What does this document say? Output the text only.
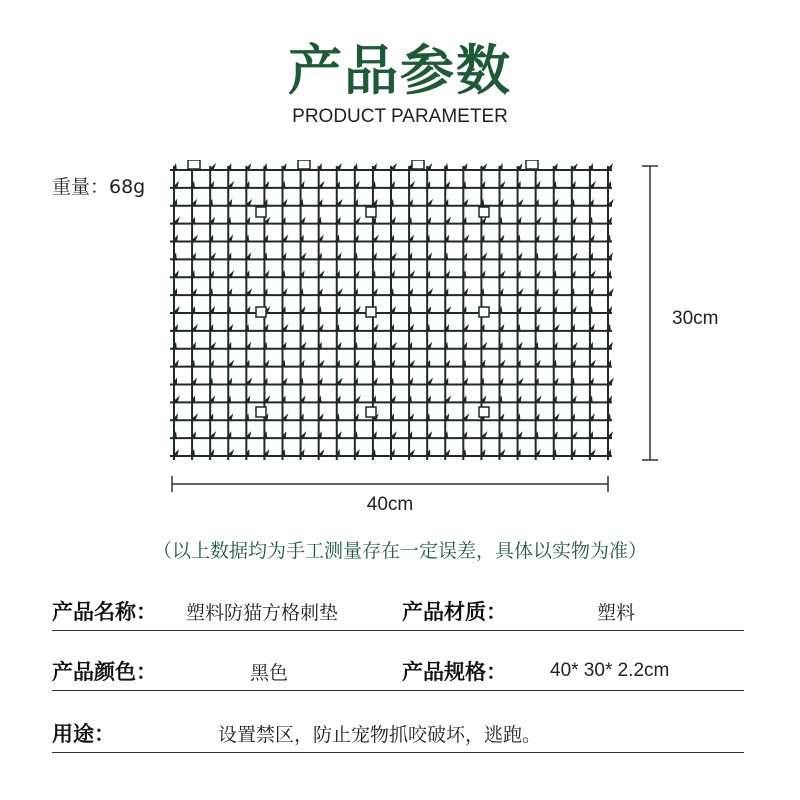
产品参数
PRODUCT PARAMETER
重量：68g
30cm
40cm
（以上数据均为手工测量存在一定误差，具体以实物为准）
产品名称： 塑料防猫方格刺垫	产品材质：	塑料
产品颜色：	黑色	产品规格： 40* 30* 2.2cm
用途：	设置禁区，防止宠物抓咬破坏，逃跑。
